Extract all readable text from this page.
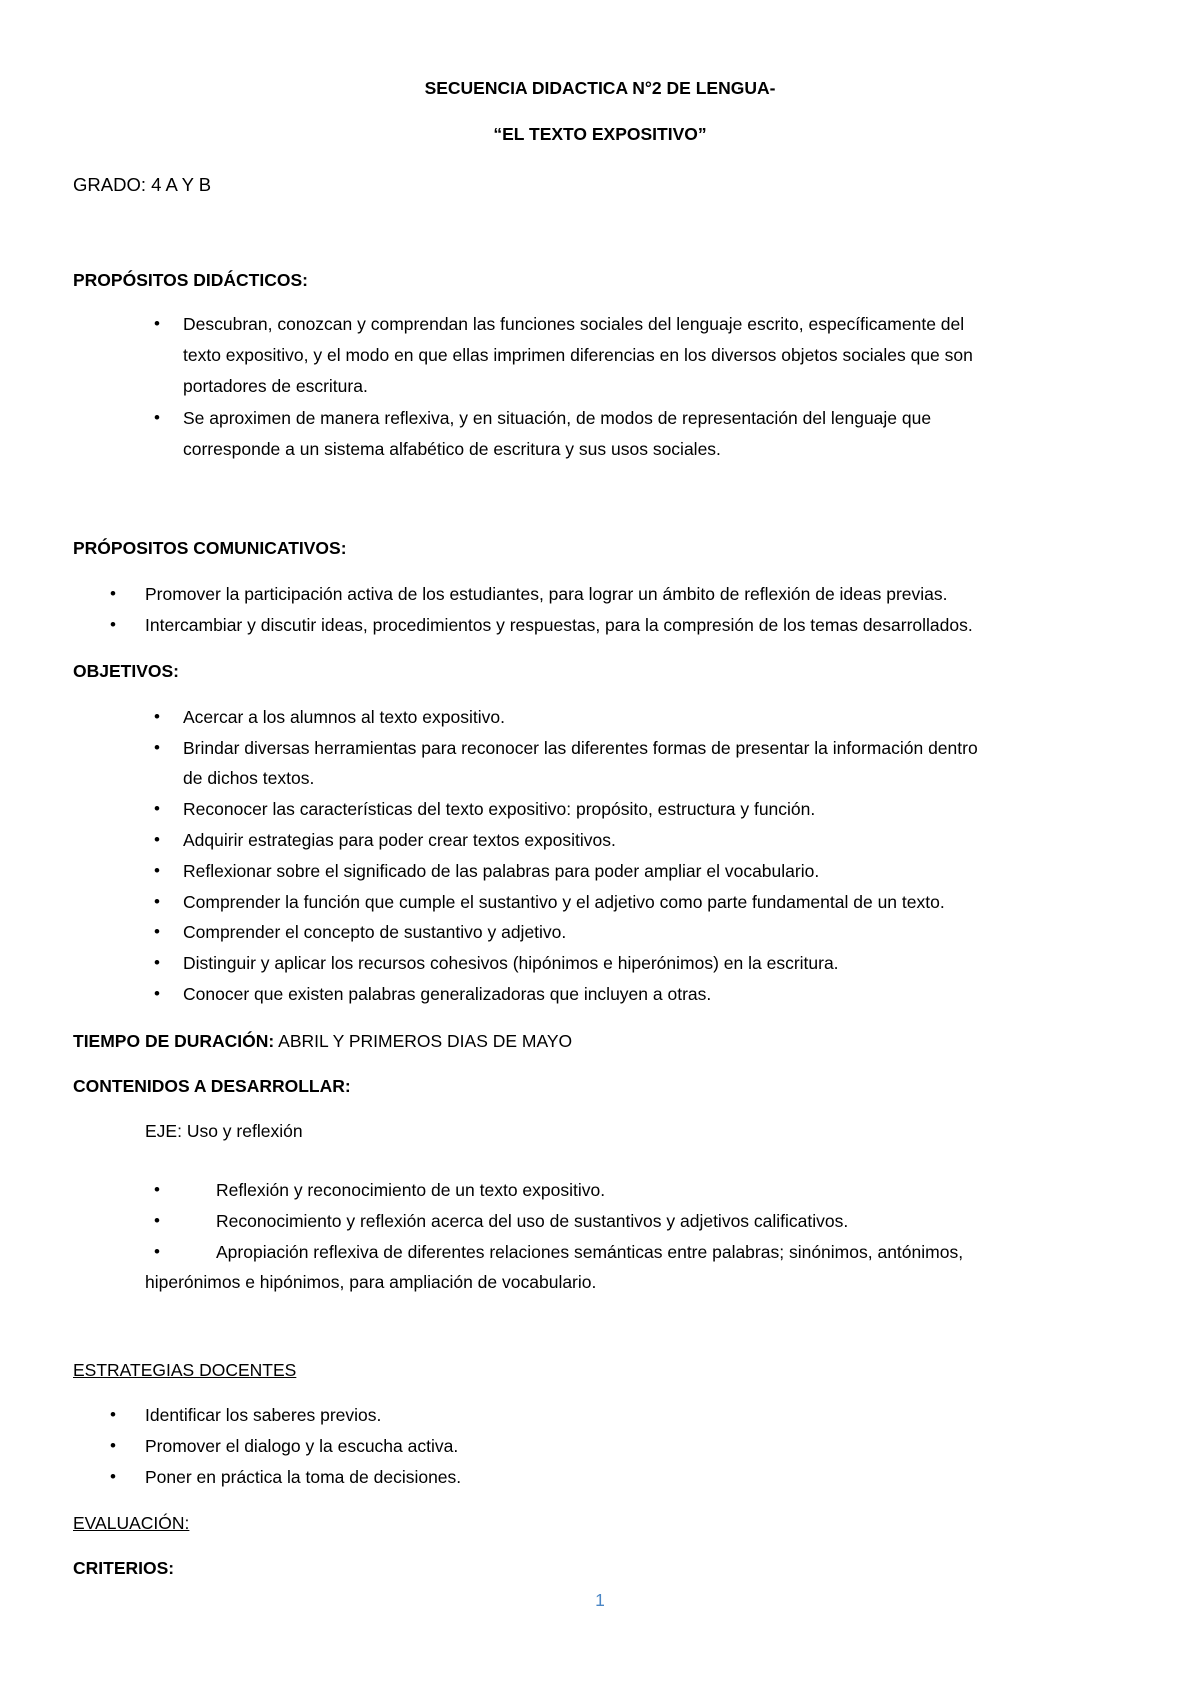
SECUENCIA DIDACTICA N°2 DE LENGUA-
“EL TEXTO EXPOSITIVO”
GRADO: 4 A Y B
PROPÓSITOS DIDÁCTICOS:
• Descubran, conozcan y comprendan las funciones sociales del lenguaje escrito, específicamente del
texto expositivo, y el modo en que ellas imprimen diferencias en los diversos objetos sociales que son
portadores de escritura.
• Se aproximen de manera reflexiva, y en situación, de modos de representación del lenguaje que
corresponde a un sistema alfabético de escritura y sus usos sociales.
PRÓPOSITOS COMUNICATIVOS:
• Promover la participación activa de los estudiantes, para lograr un ámbito de reflexión de ideas previas.
• Intercambiar y discutir ideas, procedimientos y respuestas, para la compresión de los temas desarrollados.
OBJETIVOS:
• Acercar a los alumnos al texto expositivo.
• Brindar diversas herramientas para reconocer las diferentes formas de presentar la información dentro
de dichos textos.
• Reconocer las características del texto expositivo: propósito, estructura y función.
• Adquirir estrategias para poder crear textos expositivos.
• Reflexionar sobre el significado de las palabras para poder ampliar el vocabulario.
• Comprender la función que cumple el sustantivo y el adjetivo como parte fundamental de un texto.
• Comprender el concepto de sustantivo y adjetivo.
• Distinguir y aplicar los recursos cohesivos (hipónimos e hiperónimos) en la escritura.
• Conocer que existen palabras generalizadoras que incluyen a otras.
TIEMPO DE DURACIÓN: ABRIL Y PRIMEROS DIAS DE MAYO
CONTENIDOS A DESARROLLAR:
EJE: Uso y reflexión
•	Reflexión y reconocimiento de un texto expositivo.
•	Reconocimiento y reflexión acerca del uso de sustantivos y adjetivos calificativos.
•	Apropiación reflexiva de diferentes relaciones semánticas entre palabras; sinónimos, antónimos,
hiperónimos e hipónimos, para ampliación de vocabulario.
ESTRATEGIAS DOCENTES
• Identificar los saberes previos.
• Promover el dialogo y la escucha activa.
• Poner en práctica la toma de decisiones.
EVALUACIÓN:
CRITERIOS:
1
